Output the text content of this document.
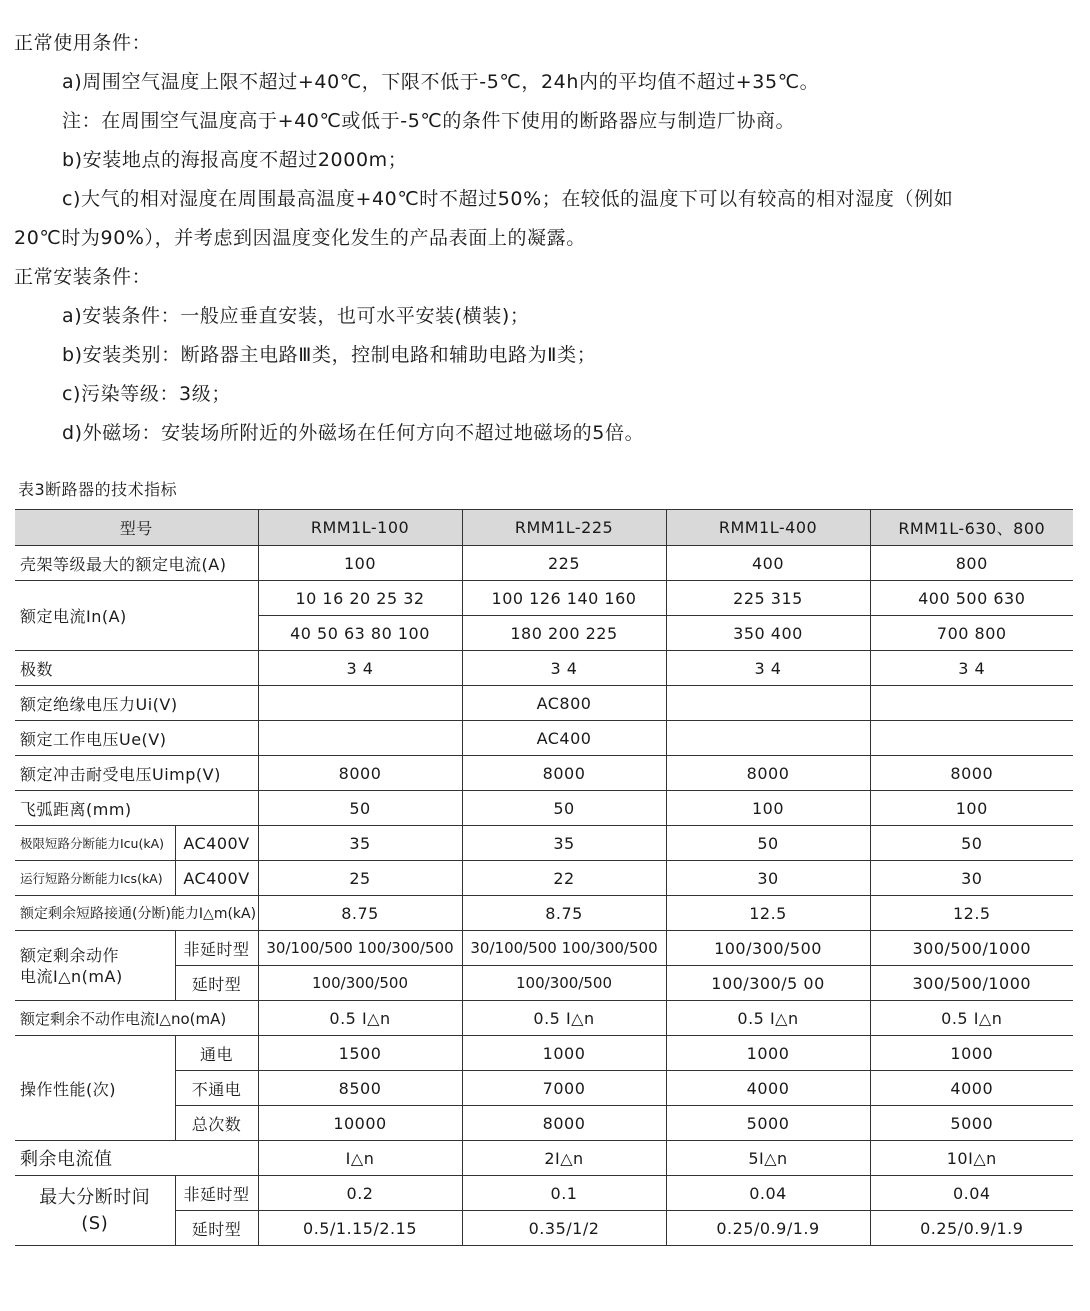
正常使用条件：
a)周围空气温度上限不超过+40℃，下限不低于-5℃，24h内的平均值不超过+35℃。
注：在周围空气温度高于+40℃或低于-5℃的条件下使用的断路器应与制造厂协商。
b)安装地点的海报高度不超过2000m；
c)大气的相对湿度在周围最高温度+40℃时不超过50%；在较低的温度下可以有较高的相对湿度（例如
20℃时为90%），并考虑到因温度变化发生的产品表面上的凝露。
正常安装条件：
a)安装条件：一般应垂直安装，也可水平安装(横装)；
b)安装类别：断路器主电路Ⅲ类，控制电路和辅助电路为Ⅱ类；
c)污染等级：3级；
d)外磁场：安装场所附近的外磁场在任何方向不超过地磁场的5倍。
表3断路器的技术指标
型号		RMM1L-100	RMM1L-225	RMM1L-400	RMM1L-630、800
壳架等级最大的额定电流(A)		100	225	400	800
额定电流In(A)		10 16 20 25 32	100 126 140 160	225 315	400 500 630
		40 50 63 80 100	180 200 225	350 400	700 800
极数		3 4	3 4	3 4	3 4
额定绝缘电压力Ui(V)			AC800		
额定工作电压Ue(V)			AC400		
额定冲击耐受电压Uimp(V)		8000	8000	8000	8000
飞弧距离(mm)		50	50	100	100
极限短路分断能力Icu(kA)	AC400V	35	35	50	50
运行短路分断能力Ics(kA)	AC400V	25	22	30	30
额定剩余短路接通(分断)能力I△m(kA)		8.75	8.75	12.5	12.5

额定剩余动作
电流I△n(mA)	非延时型	30/100/500 100/300/500	30/100/500 100/300/500	100/300/500	300/500/1000
	延时型	100/300/500	100/300/500	100/300/5 00	300/500/1000
额定剩余不动作电流I△no(mA)		0.5 I△n	0.5 I△n	0.5 I△n	0.5 I△n
操作性能(次)	通电	1500	1000	1000	1000
	不通电	8500	7000	4000	4000
	总次数	10000	8000	5000	5000
剩余电流值		I△n	2I△n	5I△n	10I△n

最大分断时间
(S)	非延时型	0.2	0.1	0.04	0.04
	延时型	0.5/1.15/2.15	0.35/1/2	0.25/0.9/1.9	0.25/0.9/1.9
